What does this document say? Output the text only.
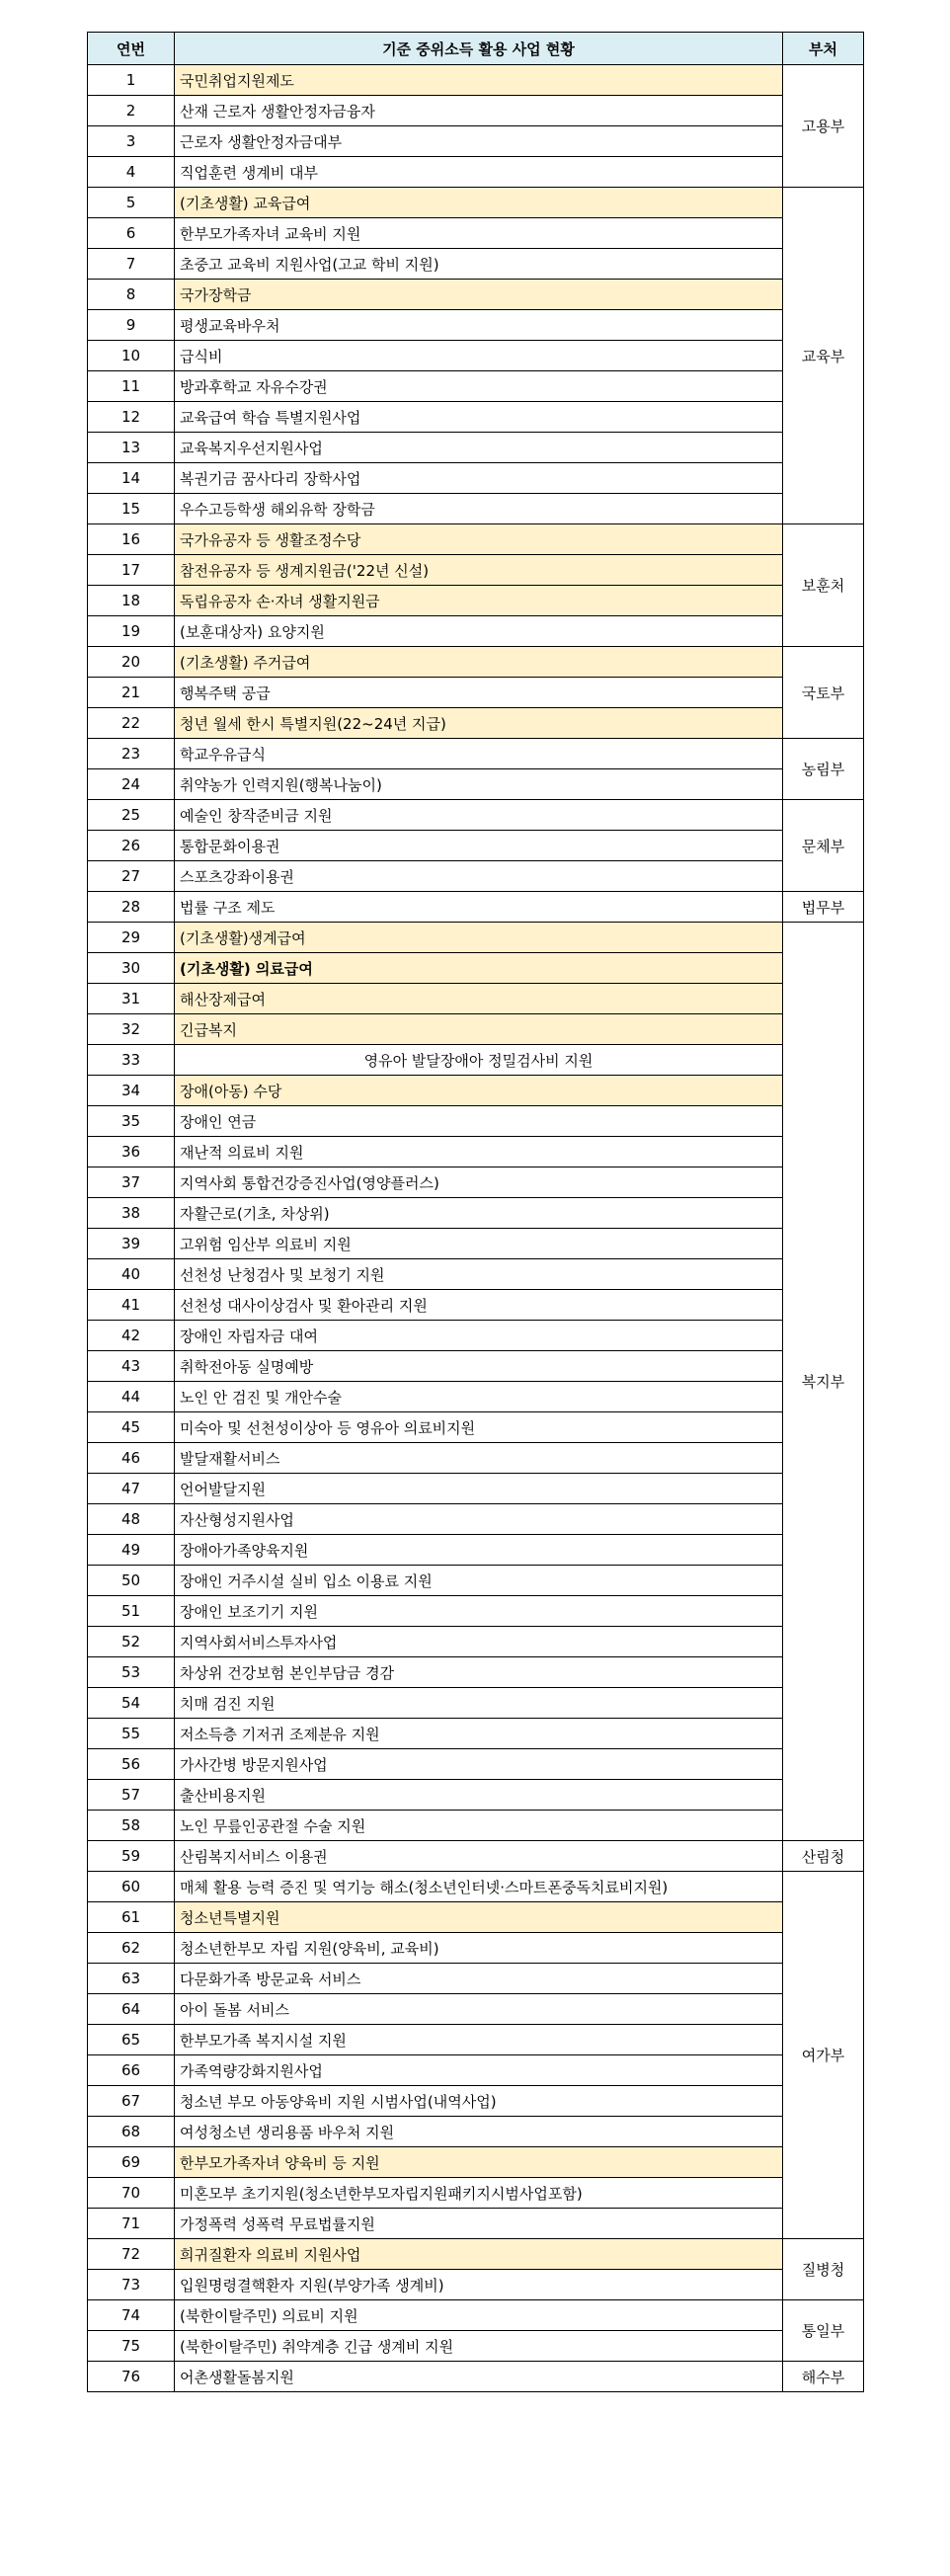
연번	기준 중위소득 활용 사업 현황	부처
1	국민취업지원제도	고용부
2	산재 근로자 생활안정자금융자	
3	근로자 생활안정자금대부	
4	직업훈련 생계비 대부	
5	(기초생활) 교육급여	교육부
6	한부모가족자녀 교육비 지원	
7	초중고 교육비 지원사업(고교 학비 지원)	
8	국가장학금	
9	평생교육바우처	
10	급식비	
11	방과후학교 자유수강권	
12	교육급여 학습 특별지원사업	
13	교육복지우선지원사업	
14	복권기금 꿈사다리 장학사업	
15	우수고등학생 해외유학 장학금	
16	국가유공자 등 생활조정수당	보훈처
17	참전유공자 등 생계지원금('22년 신설)	
18	독립유공자 손·자녀 생활지원금	
19	(보훈대상자) 요양지원	
20	(기초생활) 주거급여	국토부
21	행복주택 공급	
22	청년 월세 한시 특별지원(22~24년 지급)	
23	학교우유급식	농림부
24	취약농가 인력지원(행복나눔이)	
25	예술인 창작준비금 지원	문체부
26	통합문화이용권	
27	스포츠강좌이용권	
28	법률 구조 제도	법무부
29	(기초생활)생계급여	복지부
30	(기초생활) 의료급여	
31	해산장제급여	
32	긴급복지	
33	영유아 발달장애아 정밀검사비 지원	
34	장애(아동) 수당	
35	장애인 연금	
36	재난적 의료비 지원	
37	지역사회 통합건강증진사업(영양플러스)	
38	자활근로(기초, 차상위)	
39	고위험 임산부 의료비 지원	
40	선천성 난청검사 및 보청기 지원	
41	선천성 대사이상검사 및 환아관리 지원	
42	장애인 자립자금 대여	
43	취학전아동 실명예방	
44	노인 안 검진 및 개안수술	
45	미숙아 및 선천성이상아 등 영유아 의료비지원	
46	발달재활서비스	
47	언어발달지원	
48	자산형성지원사업	
49	장애아가족양육지원	
50	장애인 거주시설 실비 입소 이용료 지원	
51	장애인 보조기기 지원	
52	지역사회서비스투자사업	
53	차상위 건강보험 본인부담금 경감	
54	치매 검진 지원	
55	저소득층 기저귀 조제분유 지원	
56	가사간병 방문지원사업	
57	출산비용지원	
58	노인 무릎인공관절 수술 지원	
59	산림복지서비스 이용권	산림청
60	매체 활용 능력 증진 및 역기능 해소(청소년인터넷·스마트폰중독치료비지원)	여가부
61	청소년특별지원	
62	청소년한부모 자립 지원(양육비, 교육비)	
63	다문화가족 방문교육 서비스	
64	아이 돌봄 서비스	
65	한부모가족 복지시설 지원	
66	가족역량강화지원사업	
67	청소년 부모 아동양육비 지원 시범사업(내역사업)	
68	여성청소년 생리용품 바우처 지원	
69	한부모가족자녀 양육비 등 지원	
70	미혼모부 초기지원(청소년한부모자립지원패키지시범사업포함)	
71	가정폭력 성폭력 무료법률지원	
72	희귀질환자 의료비 지원사업	질병청
73	입원명령결핵환자 지원(부양가족 생계비)	
74	(북한이탈주민) 의료비 지원	통일부
75	(북한이탈주민) 취약계층 긴급 생계비 지원	
76	어촌생활돌봄지원	해수부
